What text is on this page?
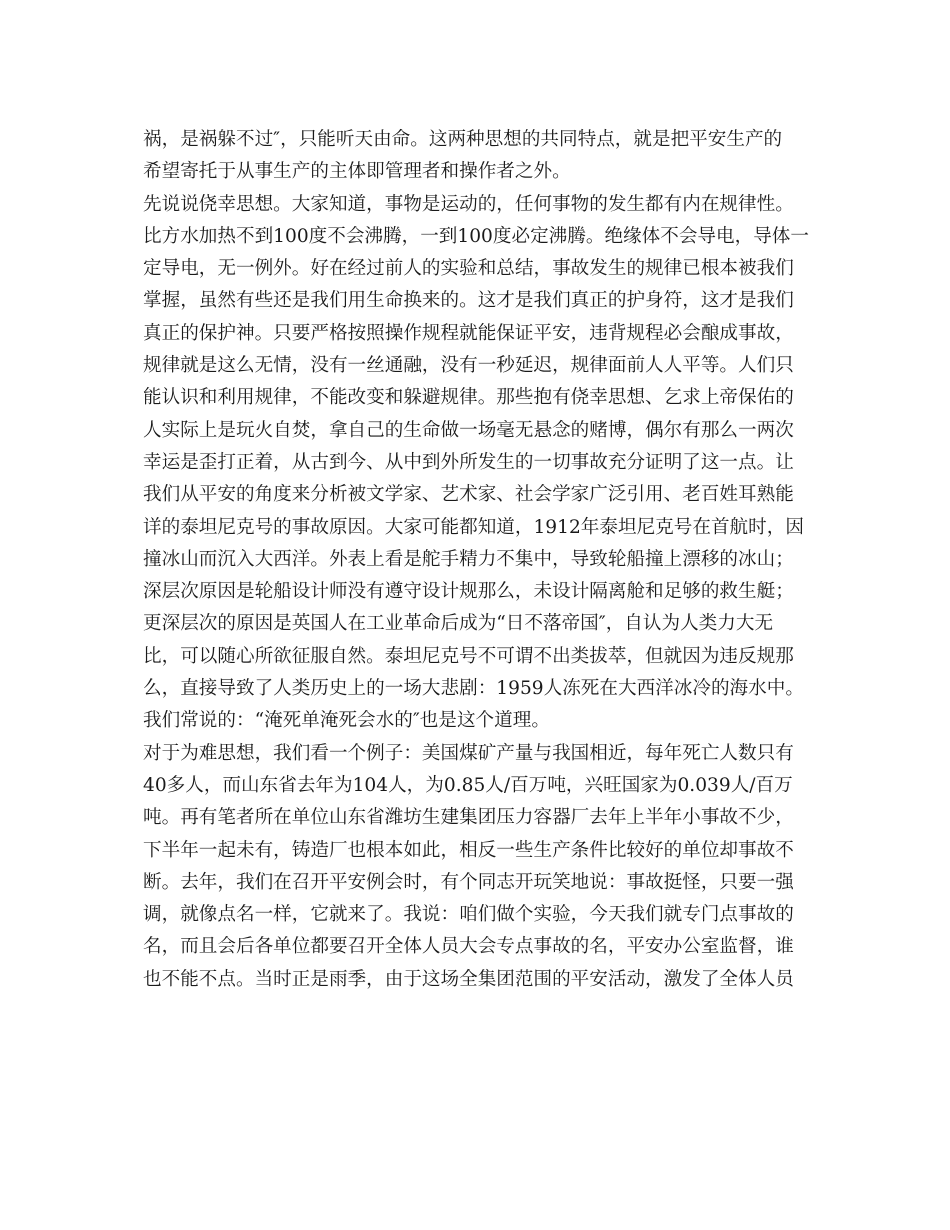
祸，是祸躲不过″，只能听天由命。这两种思想的共同特点，就是把平安生产的
希望寄托于从事生产的主体即管理者和操作者之外。
先说说侥幸思想。大家知道，事物是运动的，任何事物的发生都有内在规律性。
比方水加热不到100度不会沸腾，一到100度必定沸腾。绝缘体不会导电，导体一
定导电，无一例外。好在经过前人的实验和总结，事故发生的规律已根本被我们
掌握，虽然有些还是我们用生命换来的。这才是我们真正的护身符，这才是我们
真正的保护神。只要严格按照操作规程就能保证平安，违背规程必会酿成事故，
规律就是这么无情，没有一丝通融，没有一秒延迟，规律面前人人平等。人们只
能认识和利用规律，不能改变和躲避规律。那些抱有侥幸思想、乞求上帝保佑的
人实际上是玩火自焚，拿自己的生命做一场毫无悬念的赌博，偶尔有那么一两次
幸运是歪打正着，从古到今、从中到外所发生的一切事故充分证明了这一点。让
我们从平安的角度来分析被文学家、艺术家、社会学家广泛引用、老百姓耳熟能
详的泰坦尼克号的事故原因。大家可能都知道，1912年泰坦尼克号在首航时，因
撞冰山而沉入大西洋。外表上看是舵手精力不集中，导致轮船撞上漂移的冰山；
深层次原因是轮船设计师没有遵守设计规那么，未设计隔离舱和足够的救生艇；
更深层次的原因是英国人在工业革命后成为“日不落帝国″，自认为人类力大无
比，可以随心所欲征服自然。泰坦尼克号不可谓不出类拔萃，但就因为违反规那
么，直接导致了人类历史上的一场大悲剧：1959人冻死在大西洋冰冷的海水中。
我们常说的：“淹死单淹死会水的″也是这个道理。
对于为难思想，我们看一个例子：美国煤矿产量与我国相近，每年死亡人数只有
40多人，而山东省去年为104人，为0.85人/百万吨，兴旺国家为0.039人/百万
吨。再有笔者所在单位山东省潍坊生建集团压力容器厂去年上半年小事故不少，
下半年一起未有，铸造厂也根本如此，相反一些生产条件比较好的单位却事故不
断。去年，我们在召开平安例会时，有个同志开玩笑地说：事故挺怪，只要一强
调，就像点名一样，它就来了。我说：咱们做个实验，今天我们就专门点事故的
名，而且会后各单位都要召开全体人员大会专点事故的名，平安办公室监督，谁
也不能不点。当时正是雨季，由于这场全集团范围的平安活动，激发了全体人员
